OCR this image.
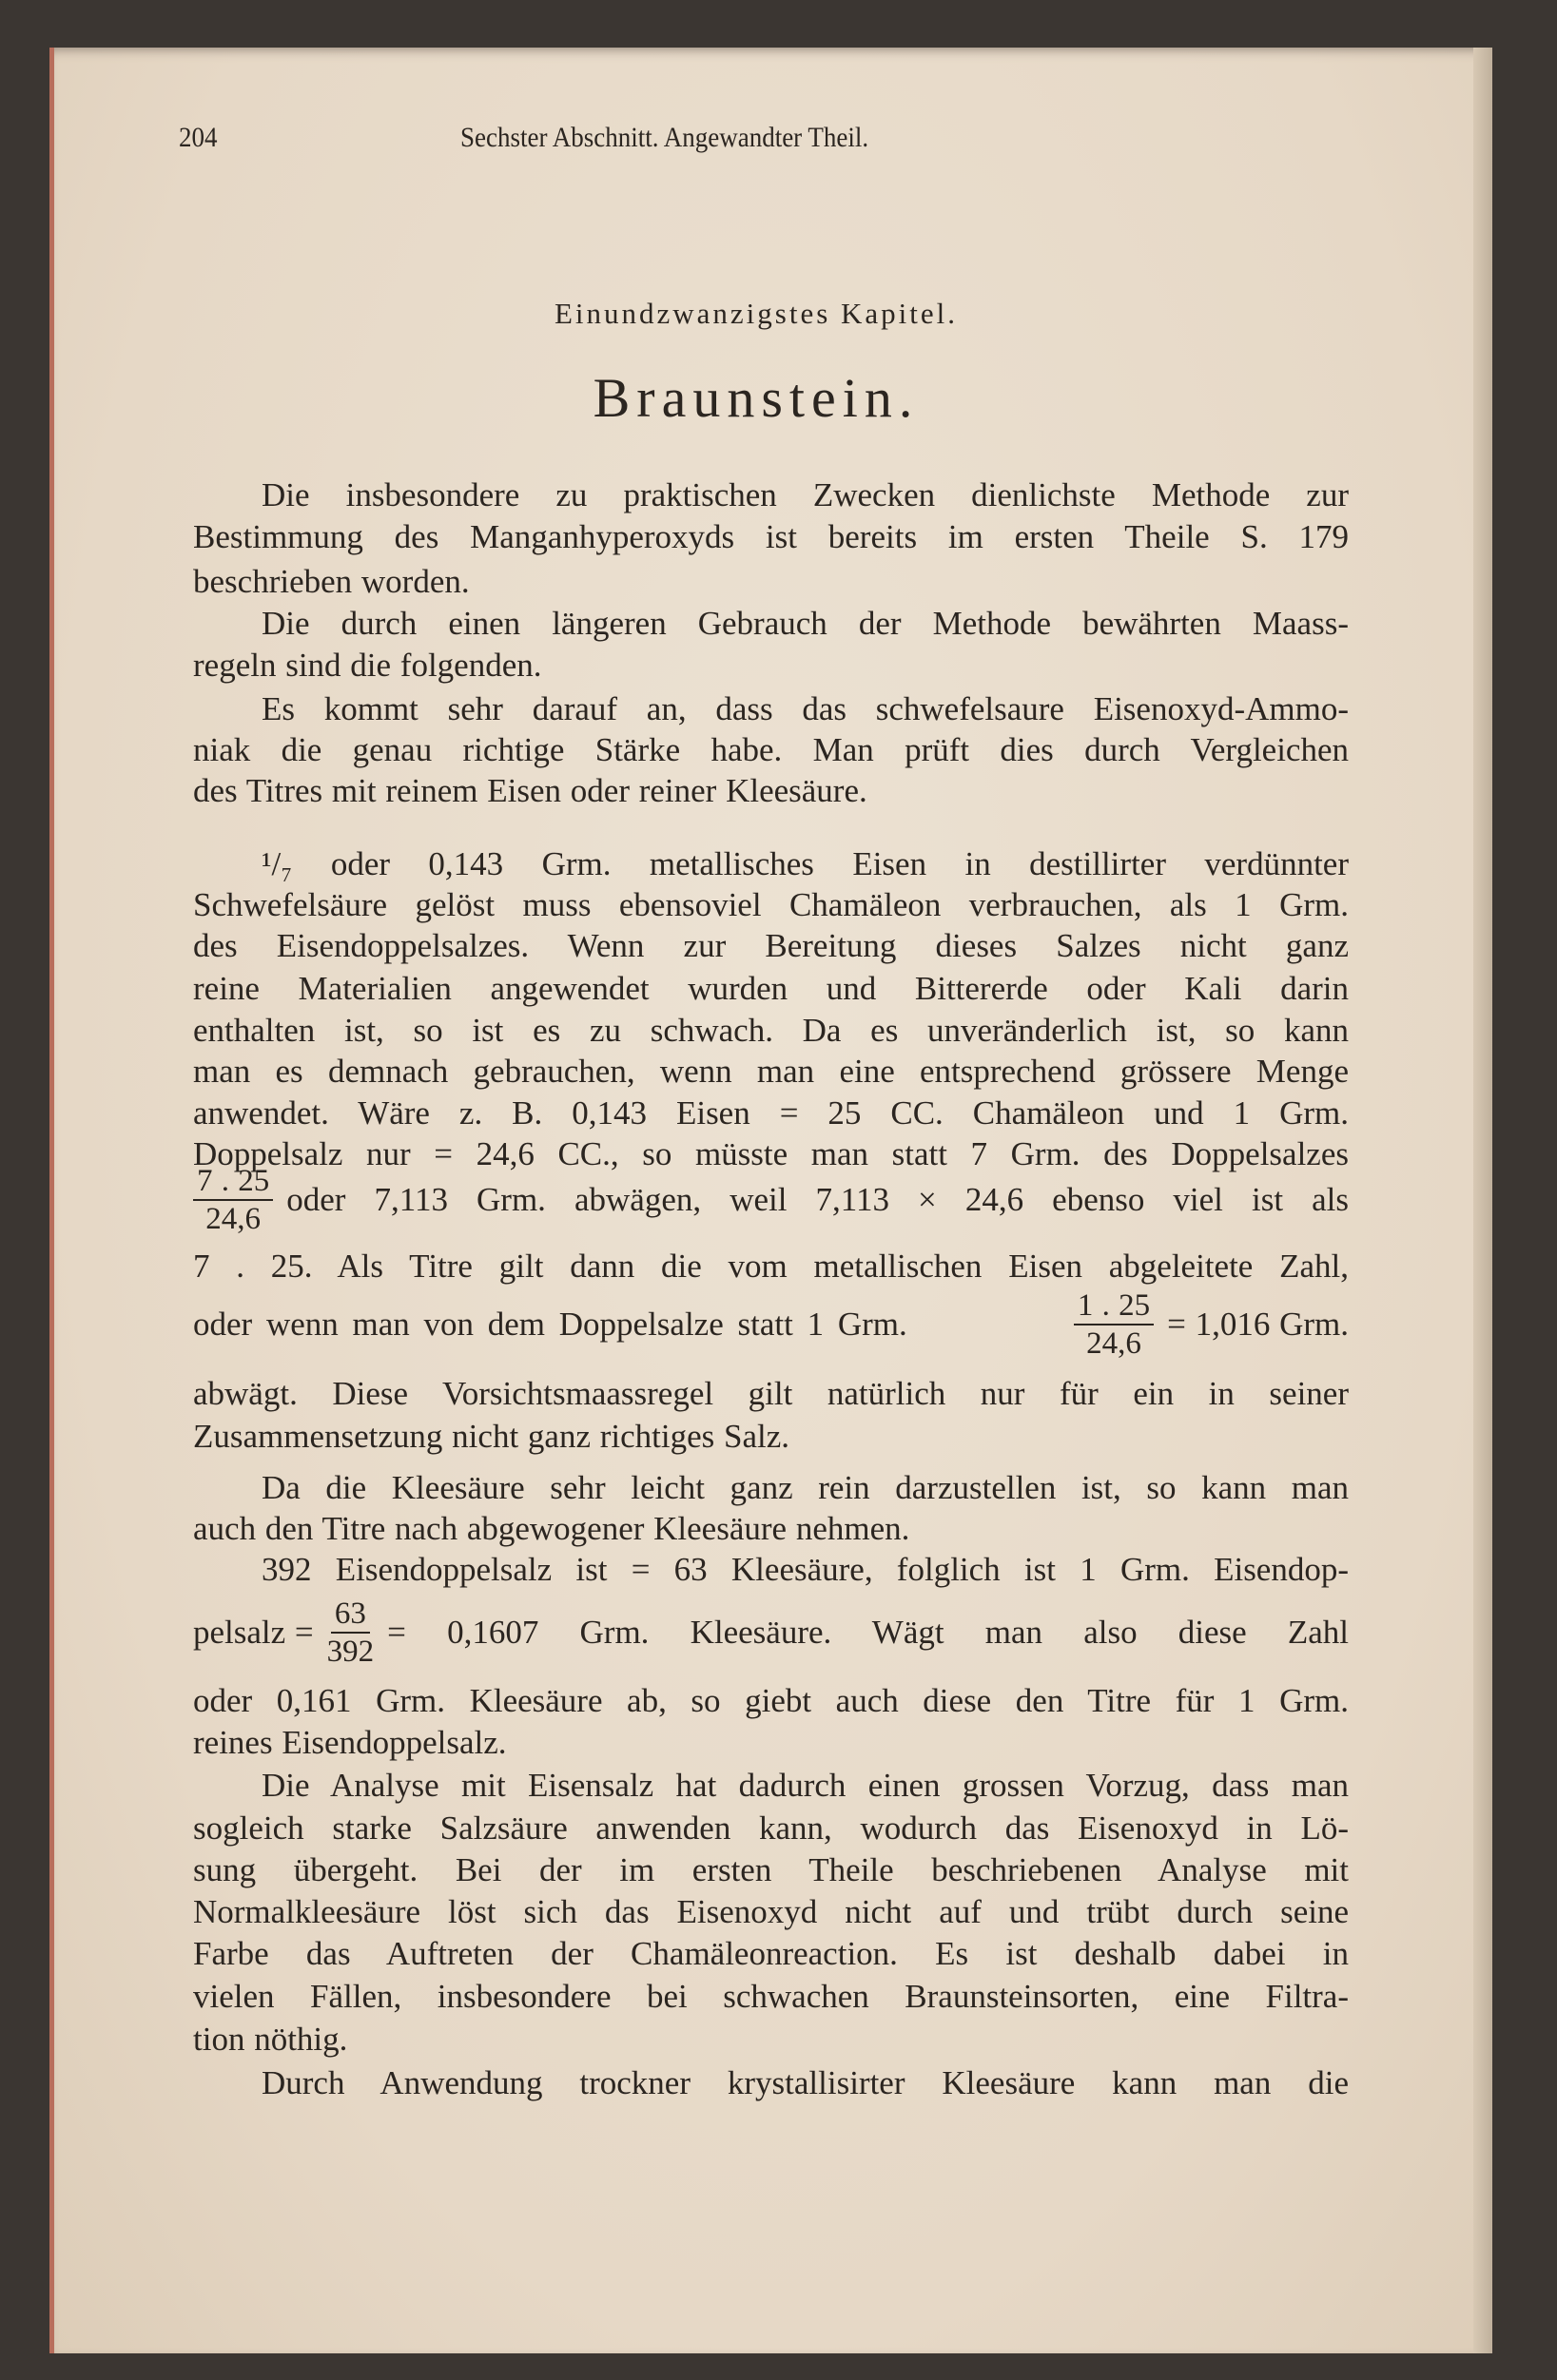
204	Sechster Abschnitt. Angewandter Theil.
Einundzwanzigstes Kapitel.
Braunstein.
Die insbesondere zu praktischen Zwecken dienlichste Methode zur
Bestimmung des Manganhyperoxyds ist bereits im ersten Theile S. 179
beschrieben worden.
Die durch einen längeren Gebrauch der Methode bewährten Maass-
regeln sind die folgenden.
Es kommt sehr darauf an, dass das schwefelsaure Eisenoxyd-Ammo-
niak die genau richtige Stärke habe. Man prüft dies durch Vergleichen
des Titres mit reinem Eisen oder reiner Kleesäure.
¹/₇ oder 0,143 Grm. metallisches Eisen in destillirter verdünnter
Schwefelsäure gelöst muss ebensoviel Chamäleon verbrauchen, als 1 Grm.
des Eisendoppelsalzes. Wenn zur Bereitung dieses Salzes nicht ganz
reine Materialien angewendet wurden und Bittererde oder Kali darin
enthalten ist, so ist es zu schwach. Da es unveränderlich ist, so kann
man es demnach gebrauchen, wenn man eine entsprechend grössere Menge
anwendet. Wäre z. B. 0,143 Eisen = 25 CC. Chamäleon und 1 Grm.
Doppelsalz nur = 24,6 CC., so müsste man statt 7 Grm. des Doppelsalzes
$\frac{7 . 25}{24,6}$ oder 7,113 Grm. abwägen, weil 7,113 × 24,6 ebenso viel ist als
7 . 25. Als Titre gilt dann die vom metallischen Eisen abgeleitete Zahl,
oder wenn man von dem Doppelsalze statt 1 Grm.	$\frac{1 . 25}{24,6} = 1,016$ Grm.
abwägt. Diese Vorsichtsmaassregel gilt natürlich nur für ein in seiner
Zusammensetzung nicht ganz richtiges Salz.
Da die Kleesäure sehr leicht ganz rein darzustellen ist, so kann man
auch den Titre nach abgewogener Kleesäure nehmen.
392 Eisendoppelsalz ist = 63 Kleesäure, folglich ist 1 Grm. Eisendop-
pelsalz = $\frac{63}{392} = 0,1607$ Grm. Kleesäure. Wägt man also diese Zahl
oder 0,161 Grm. Kleesäure ab, so giebt auch diese den Titre für 1 Grm.
reines Eisendoppelsalz.
Die Analyse mit Eisensalz hat dadurch einen grossen Vorzug, dass man
sogleich starke Salzsäure anwenden kann, wodurch das Eisenoxyd in Lö-
sung übergeht. Bei der im ersten Theile beschriebenen Analyse mit
Normalkleesäure löst sich das Eisenoxyd nicht auf und trübt durch seine
Farbe das Auftreten der Chamäleonreaction. Es ist deshalb dabei in
vielen Fällen, insbesondere bei schwachen Braunsteinsorten, eine Filtra-
tion nöthig.
Durch Anwendung trockner krystallisirter Kleesäure kann man die
